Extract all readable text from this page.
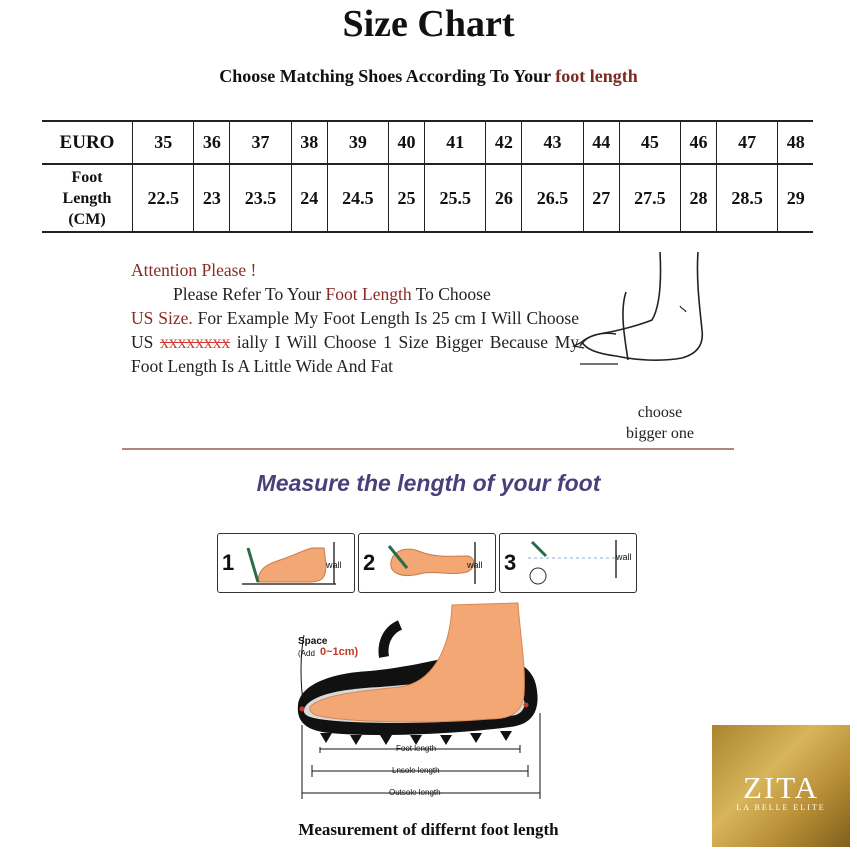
Size Chart
Choose Matching Shoes According To Your foot length
EURO	35	36	37	38	39	40	41	42	43	44	45	46	47	48

Foot
Length
(CM)	22.5	23	23.5	24	24.5	25	25.5	26	26.5	27	27.5	28	28.5	29
Attention Please !
Please Refer To Your Foot Length To Choose
US Size. For Example My Foot Length Is 25 cm I Will Choose US xxxxxxxx ially I Will Choose 1 Size Bigger Because My Foot Length Is A Little Wide And Fat
choose
bigger one
Measure the length of your foot
1	wall 2	wall 3	wall
Space
(Add 0~1cm)
Foot length
Lnsole length
Outsole length
Measurement of differnt foot length
ZITA
LA BELLE ELITE
